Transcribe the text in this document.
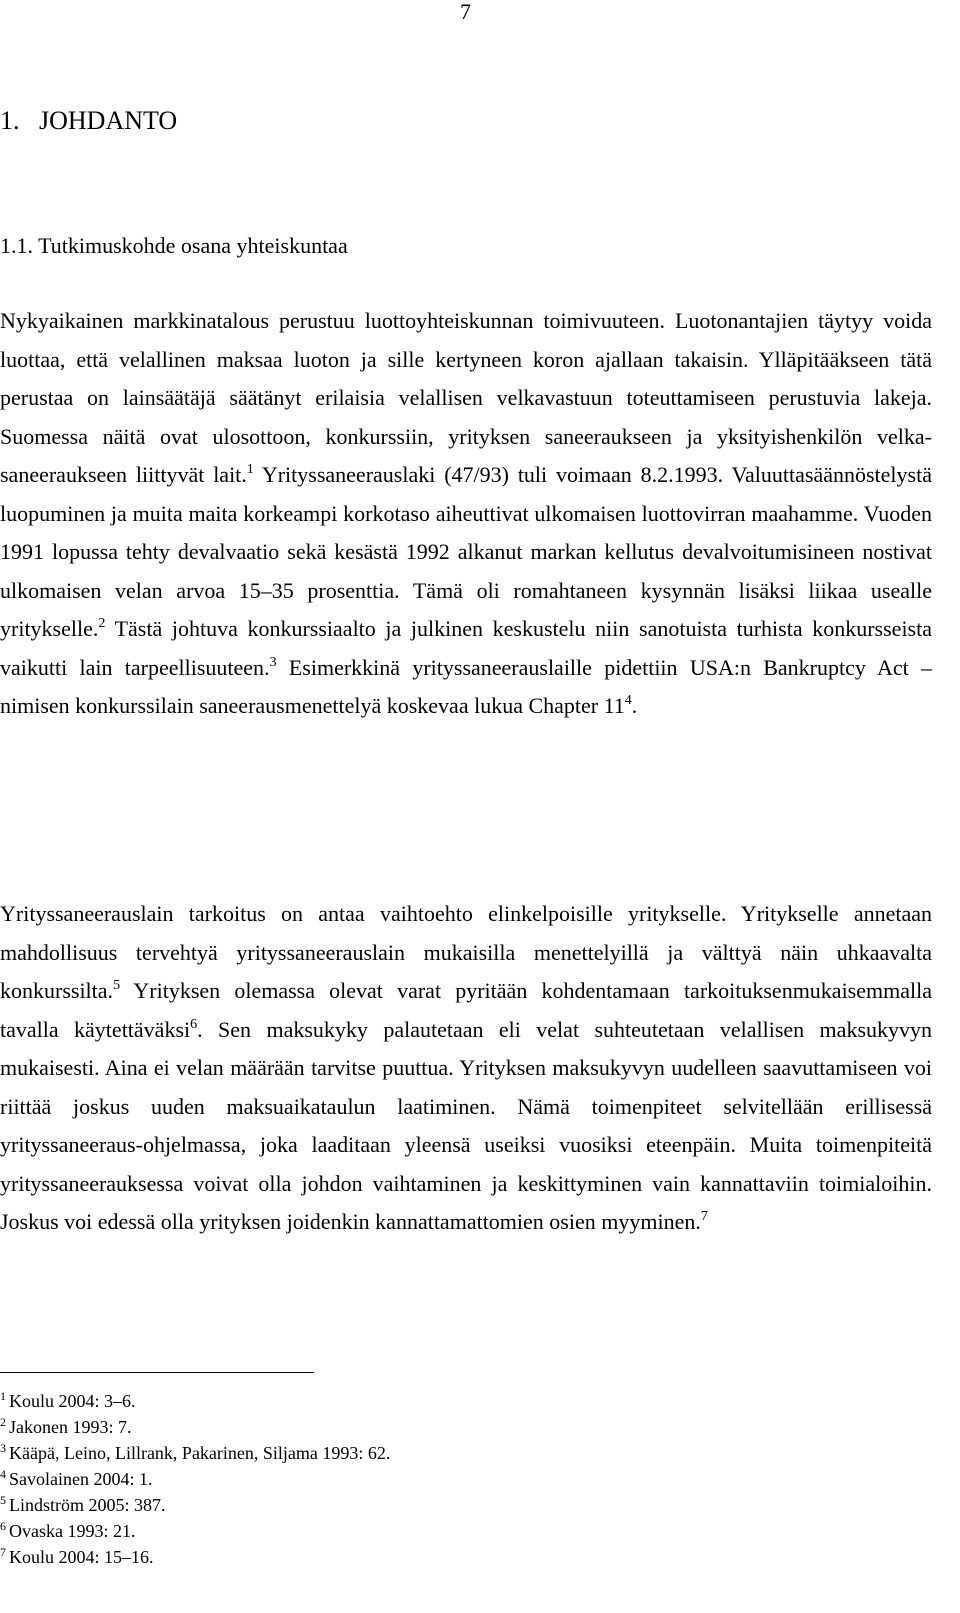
7
1.   JOHDANTO
1.1. Tutkimuskohde osana yhteiskuntaa

Nykyaikainen markkinatalous perustuu luottoyhteiskunnan toimivuuteen. Luotonantajien täytyy voida luottaa, että velallinen maksaa luoton ja sille kertyneen koron ajallaan takaisin. Ylläpitääkseen tätä perustaa on lainsäätäjä säätänyt erilaisia velallisen velkavastuun toteuttamiseen perustuvia lakeja. Suomessa näitä ovat ulosottoon, konkurssiin, yrityksen saneeraukseen ja yksityishenkilön velka-saneeraukseen liittyvät lait.$^1$ Yrityssaneerauslaki (47/93) tuli voimaan 8.2.1993. Valuuttasäännöstelystä luopuminen ja muita maita korkeampi korkotaso aiheuttivat ulkomaisen luottovirran maahamme. Vuoden 1991 lopussa tehty devalvaatio sekä kesästä 1992 alkanut markan kellutus devalvoitumisineen nostivat ulkomaisen velan arvoa 15–35 prosenttia. Tämä oli romahtaneen kysynnän lisäksi liikaa usealle yritykselle.$^2$ Tästä johtuva konkurssiaalto ja julkinen keskustelu niin sanotuista turhista konkursseista vaikutti lain tarpeellisuuteen.$^3$ Esimerkkinä yrityssaneerauslaille pidettiin USA:n Bankruptcy Act –nimisen konkurssilain saneerausmenettelyä koskevaa lukua Chapter $11^4$.

Yrityssaneerauslain tarkoitus on antaa vaihtoehto elinkelpoisille yritykselle. Yritykselle annetaan mahdollisuus tervehtyä yrityssaneerauslain mukaisilla menettelyillä ja välttyä näin uhkaavalta konkurssilta.$^5$ Yrityksen olemassa olevat varat pyritään kohdentamaan tarkoituksenmukaisemmalla tavalla käytettäväksi$^6$. Sen maksukyky palautetaan eli velat suhteutetaan velallisen maksukyvyn mukaisesti. Aina ei velan määrään tarvitse puuttua. Yrityksen maksukyvyn uudelleen saavuttamiseen voi riittää joskus uuden maksuaikataulun laatiminen. Nämä toimenpiteet selvitellään erillisessä yrityssaneeraus-ohjelmassa, joka laaditaan yleensä useiksi vuosiksi eteenpäin. Muita toimenpiteitä yrityssaneerauksessa voivat olla johdon vaihtaminen ja keskittyminen vain kannattaviin toimialoihin. Joskus voi edessä olla yrityksen joidenkin kannattamattomien osien myyminen.$^7$

$^1$ Koulu 2004: 3–6.
$^2$ Jakonen 1993: 7.
$^3$ Kääpä, Leino, Lillrank, Pakarinen, Siljama 1993: 62.
$^4$ Savolainen 2004: 1.
$^5$ Lindström 2005: 387.
$^6$ Ovaska 1993: 21.
$^7$ Koulu 2004: 15–16.
